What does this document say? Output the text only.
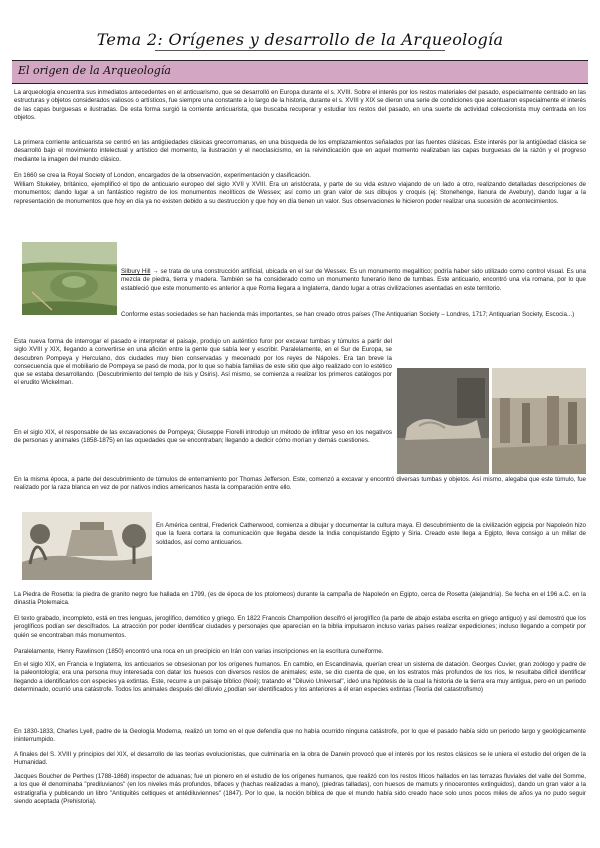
Tema 2: Orígenes y desarrollo de la Arqueología
El origen de la Arqueología

La arqueología encuentra sus inmediatos antecedentes en el anticuarismo, que se desarrolló en Europa durante el s. XVIII. Sobre el interés por los restos materiales del pasado, especialmente centrado en las estructuras y objetos considerados valiosos o artísticos, fue siempre una constante a lo largo de la historia, durante el s. XVIII y XIX se dieron una serie de condiciones que acentuaron especialmente el interés de las capas burguesas e ilustradas. De esta forma surgió la corriente anticuarista, que buscaba recuperar y estudiar los restos del pasado, en una suerte de actividad coleccionista muy centrada en los objetos.

La primera corriente anticuarista se centró en las antigüedades clásicas grecorromanas, en una búsqueda de los emplazamientos señalados por las fuentes clásicas. Este interés por la antigüedad clásica se desarrolló bajo el movimiento intelectual y artístico del momento, la ilustración y el neoclasicismo, en la reivindicación que en aquel momento realizaban las capas burguesas de la razón y el progreso mediante la imagen del mundo clásico.

En 1660 se crea la Royal Society of London, encargados de la observación, experimentación y clasificación.

William Stukeley, británico, ejemplificó el tipo de anticuario europeo del siglo XVII y XVIII. Era un aristócrata, y parte de su vida estuvo viajando de un lado a otro, realizando detalladas descripciones de monumentos; dando lugar a un fantástico registro de los monumentos neolíticos de Wessex; así como un gran valor de sus dibujos y croquis (ej: Stonehenge, llanura de Avebury), dando lugar a la representación de monumentos que hoy en día ya no existen debido a su destrucción y que hoy en día tienen un valor. Sus observaciones le hicieron poder realizar una sucesión de acontecimientos.

Silbury Hill → se trata de una construcción artificial, ubicada en el sur de Wessex. Es un monumento megalítico; podría haber sido utilizado como control visual. Es una mezcla de piedra, tierra y madera. También se ha considerado como un monumento funerario lleno de tumbas. Este anticuario, encontró una vía romana, por lo que estableció que este monumento es anterior a que Roma llegara a Inglaterra, dando lugar a otras civilizaciones asentadas en este territorio.

Conforme estas sociedades se han hacienda más importantes, se han creado otros países (The Antiquarian Society – Londres, 1717; Antiquarian Society, Escocia...)

Esta nueva forma de interrogar el pasado e interpretar el paisaje, produjo un auténtico furor por excavar tumbas y túmulos a partir del siglo XVIII y XIX, llegando a convertirse en una afición entre la gente que sabía leer y escribir. Paralelamente, en el Sur de Europa, se descubren Pompeya y Herculano, dos ciudades muy bien conservadas y mecenado por los reyes de Nápoles. Era tan breve la consecuencia que el mobiliario de Pompeya se pasó de moda, por lo que so había familias de este sitio que algo realizado con lo estético que se estaba desarrollando. (Descubrimiento del templo de Isis y Osiris). Así mismo, se comienza a realizar los primeros catálogos por el erudito Wickelman.

En el siglo XIX, el responsable de las excavaciones de Pompeya; Giuseppe Fiorelli introdujo un método de infiltrar yeso en los negativos de personas y animales (1858-1875) en las oquedades que se encontraban; llegando a dedicir cómo morían y demás cuestiones.

En la misma época, a parte del descubrimiento de túmulos de enterramiento por Thomas Jefferson. Este, comenzó a excavar y encontró diversas tumbas y objetos. Así mismo, alegaba que este túmulo, fue realizado por la raza blanca en vez de por nativos indios americanos hasta la comparación entre ello.

En América central, Frederick Catherwood, comienza a dibujar y documentar la cultura maya. El descubrimiento de la civilización egipcia por Napoleón hizo que la fuera cortara la comunicación que llegaba desde la India conquistando Egipto y Siria. Creado este llega a Egipto, lleva consigo a un millar de soldados, así como anticuarios.

La Piedra de Rosetta: la piedra de granito negro fue hallada en 1799, (es de época de los ptolomeos) durante la campaña de Napoleón en Egipto, cerca de Rosetta (alejandría). Se fecha en el 196 a.C. en la dinastía Ptolemaica.

El texto grabado, incompleto, está en tres lenguas, jeroglífico, demótico y griego. En 1822 Francois Champollion descifró el jeroglífico (la parte de abajo estaba escrita en griego antiguo) y así demostró que los jeroglíficos podían ser descifrados. La atracción por poder identificar ciudades y personajes que aparecían en la biblia impulsaron incluso varias países realizar expediciones; incluso llegando a competir por quién se encontraban más monumentos.

Paralelamente, Henry Rawlinson (1850) encontró una roca en un precipicio en Irán con varias inscripciones en la escritura cuneiforme.

En el siglo XIX, en Francia e Inglaterra, los anticuarios se obsesionan por los orígenes humanos. En cambio, en Escandinavia, querían crear un sistema de datación. Georges Cuvier, gran zoólogo y padre de la paleontología; era una persona muy interesada con datar los huesos con diversos restos de animales; este, se dio cuenta de que, en los estratos más profundos de los ríos, le resultaba difícil identificar llegando a identificarlos con especies ya extintas. Este, recurre a un paisaje bíblico (Noé); tratando el "Diluvio Universal", ideó una hipótesis de la cual la historia de la tierra era muy antigua, pero en un periodo determinado, ocurrió una catástrofe. Todos los animales después del diluvio ¿podían ser identificados y los anteriores a él eran especies extintas (Teoría del catastrofismo)

En 1830-1833, Charles Lyell, padre de la Geología Moderna, realizó un tomo en el que defendía que no había ocurrido ninguna catástrofe, por lo que el pasado había sido un periodo largo y geológicamente ininterrumpido.

A finales del S. XVIII y principios del XIX, el desarrollo de las teorías evolucionistas, que culminaría en la obra de Darwin provocó que el interés por los restos clásicos se le uniera el estudio del origen de la Humanidad.

Jacques Boucher de Perthes (1788-1868) inspector de aduanas; fue un pionero en el estudio de los orígenes humanos, que realizó con los restos líticos hallados en las terrazas fluviales del valle del Somme, a los que él denominaba "prediluvianos" (en los niveles más profundos, bifaces y (hachas realizadas a mano), (piedras talladas), con huesos de mamuts y rinocerontes extinguidos), dando un gran valor a la estratigrafía y publicando un libro "Antiquités celtiques et antédiluviennes" (1847). Por lo que, la noción bíblica de que el mundo había sido creado hace solo unos pocos miles de años ya no pudo seguir siendo aceptada (Prehistoria).
